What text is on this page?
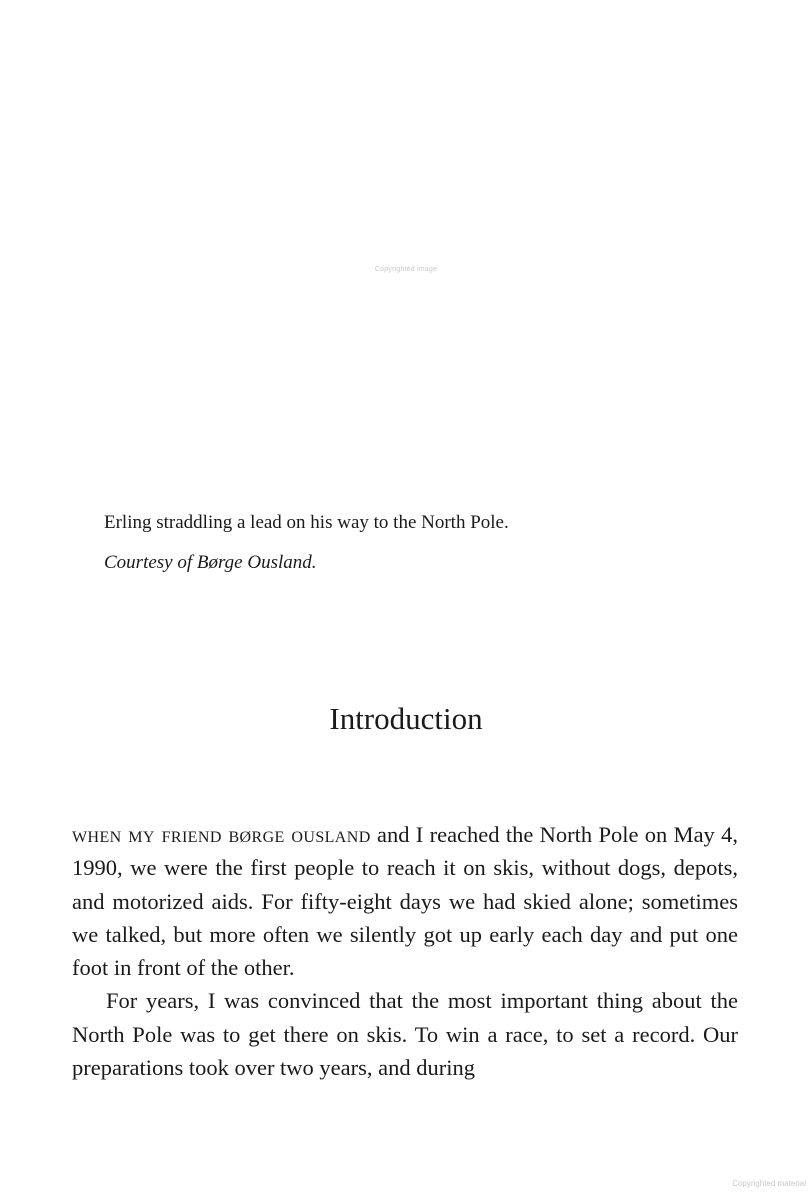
Copyrighted image
Erling straddling a lead on his way to the North Pole.
Courtesy of Børge Ousland.
Introduction

when my friend børge ousland and I reached the North Pole on May 4, 1990, we were the first people to reach it on skis, without dogs, depots, and motorized aids. For fifty-eight days we had skied alone; sometimes we talked, but more often we silently got up early each day and put one foot in front of the other.

For years, I was convinced that the most important thing about the North Pole was to get there on skis. To win a race, to set a record. Our preparations took over two years, and during

Copyrighted material
